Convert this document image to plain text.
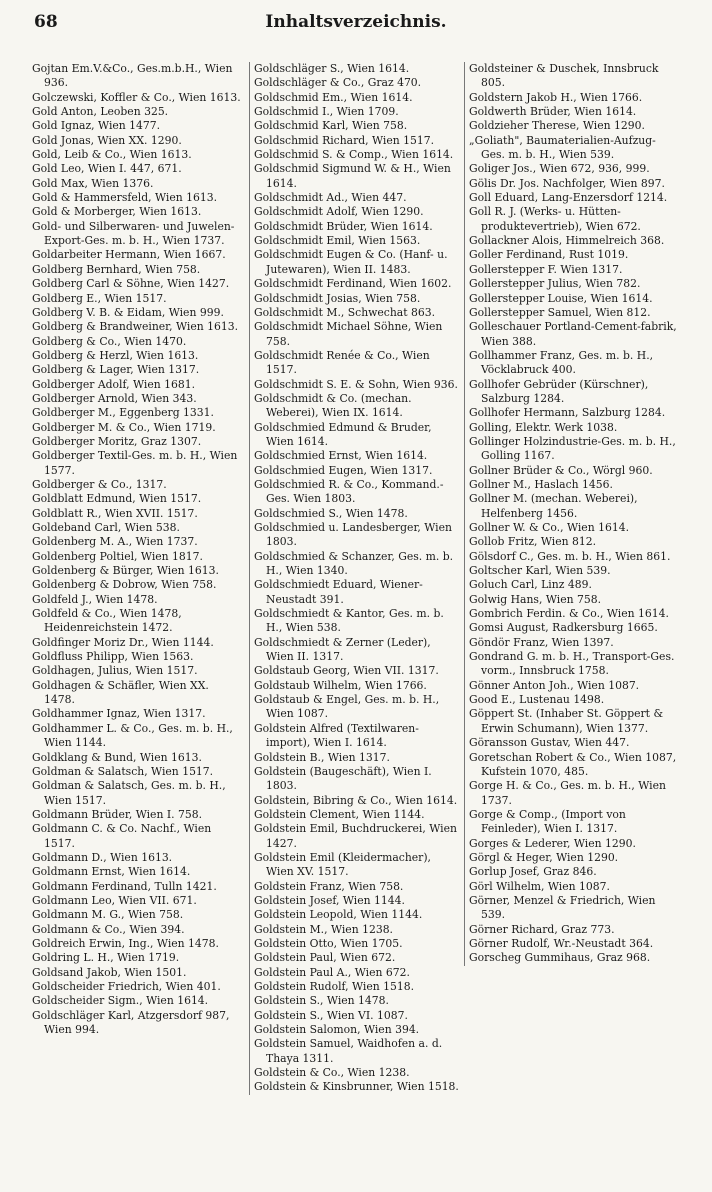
68	Inhaltsverzeichnis.

Gojtan Em.V.&Co., Ges.m.b.H., Wien 936.

Golczewski, Koffler & Co., Wien 1613.

Gold Anton, Leoben 325.

Gold Ignaz, Wien 1477.

Gold Jonas, Wien XX. 1290.

Gold, Leib & Co., Wien 1613.

Gold Leo, Wien I. 447, 671.

Gold Max, Wien 1376.

Gold & Hammersfeld, Wien 1613.

Gold & Morberger, Wien 1613.

Gold- und Silberwaren- und Juwelen-Export-Ges. m. b. H., Wien 1737.

Goldarbeiter Hermann, Wien 1667.

Goldberg Bernhard, Wien 758.

Goldberg Carl & Söhne, Wien 1427.

Goldberg E., Wien 1517.

Goldberg V. B. & Eidam, Wien 999.

Goldberg & Brandweiner, Wien 1613.

Goldberg & Co., Wien 1470.

Goldberg & Herzl, Wien 1613.

Goldberg & Lager, Wien 1317.

Goldberger Adolf, Wien 1681.

Goldberger Arnold, Wien 343.

Goldberger M., Eggenberg 1331.

Goldberger M. & Co., Wien 1719.

Goldberger Moritz, Graz 1307.

Goldberger Textil-Ges. m. b. H., Wien 1577.

Goldberger & Co., 1317.

Goldblatt Edmund, Wien 1517.

Goldblatt R., Wien XVII. 1517.

Goldeband Carl, Wien 538.

Goldenberg M. A., Wien 1737.

Goldenberg Poltiel, Wien 1817.

Goldenberg & Bürger, Wien 1613.

Goldenberg & Dobrow, Wien 758.

Goldfeld J., Wien 1478.

Goldfeld & Co., Wien 1478, Heidenreichstein 1472.

Goldfinger Moriz Dr., Wien 1144.

Goldfluss Philipp, Wien 1563.

Goldhagen, Julius, Wien 1517.

Goldhagen & Schäfler, Wien XX. 1478.

Goldhammer Ignaz, Wien 1317.

Goldhammer L. & Co., Ges. m. b. H., Wien 1144.

Goldklang & Bund, Wien 1613.

Goldman & Salatsch, Wien 1517.

Goldman & Salatsch, Ges. m. b. H., Wien 1517.

Goldmann Brüder, Wien I. 758.

Goldmann C. & Co. Nachf., Wien 1517.

Goldmann D., Wien 1613.

Goldmann Ernst, Wien 1614.

Goldmann Ferdinand, Tulln 1421.

Goldmann Leo, Wien VII. 671.

Goldmann M. G., Wien 758.

Goldmann & Co., Wien 394.

Goldreich Erwin, Ing., Wien 1478.

Goldring L. H., Wien 1719.

Goldsand Jakob, Wien 1501.

Goldscheider Friedrich, Wien 401.

Goldscheider Sigm., Wien 1614.

Goldschläger Karl, Atzgersdorf 987, Wien 994.

Goldschläger S., Wien 1614.

Goldschläger & Co., Graz 470.

Goldschmid Em., Wien 1614.

Goldschmid I., Wien 1709.

Goldschmid Karl, Wien 758.

Goldschmid Richard, Wien 1517.

Goldschmid S. & Comp., Wien 1614.

Goldschmid Sigmund W. & H., Wien 1614.

Goldschmidt Ad., Wien 447.

Goldschmidt Adolf, Wien 1290.

Goldschmidt Brüder, Wien 1614.

Goldschmidt Emil, Wien 1563.

Goldschmidt Eugen & Co. (Hanf- u. Jutewaren), Wien II. 1483.

Goldschmidt Ferdinand, Wien 1602.

Goldschmidt Josias, Wien 758.

Goldschmidt M., Schwechat 863.

Goldschmidt Michael Söhne, Wien 758.

Goldschmidt Renée & Co., Wien 1517.

Goldschmidt S. E. & Sohn, Wien 936.

Goldschmidt & Co. (mechan. Weberei), Wien IX. 1614.

Goldschmied Edmund & Bruder, Wien 1614.

Goldschmied Ernst, Wien 1614.

Goldschmied Eugen, Wien 1317.

Goldschmied R. & Co., Kommand.-Ges. Wien 1803.

Goldschmied S., Wien 1478.

Goldschmied u. Landesberger, Wien 1803.

Goldschmied & Schanzer, Ges. m. b. H., Wien 1340.

Goldschmiedt Eduard, Wiener-Neustadt 391.

Goldschmiedt & Kantor, Ges. m. b. H., Wien 538.

Goldschmiedt & Zerner (Leder), Wien II. 1317.

Goldstaub Georg, Wien VII. 1317.

Goldstaub Wilhelm, Wien 1766.

Goldstaub & Engel, Ges. m. b. H., Wien 1087.

Goldstein Alfred (Textilwaren-import), Wien I. 1614.

Goldstein B., Wien 1317.

Goldstein (Baugeschäft), Wien I. 1803.

Goldstein, Bibring & Co., Wien 1614.

Goldstein Clement, Wien 1144.

Goldstein Emil, Buchdruckerei, Wien 1427.

Goldstein Emil (Kleidermacher), Wien XV. 1517.

Goldstein Franz, Wien 758.

Goldstein Josef, Wien 1144.

Goldstein Leopold, Wien 1144.

Goldstein M., Wien 1238.

Goldstein Otto, Wien 1705.

Goldstein Paul, Wien 672.

Goldstein Paul A., Wien 672.

Goldstein Rudolf, Wien 1518.

Goldstein S., Wien 1478.

Goldstein S., Wien VI. 1087.

Goldstein Salomon, Wien 394.

Goldstein Samuel, Waidhofen a. d. Thaya 1311.

Goldstein & Co., Wien 1238.

Goldstein & Kinsbrunner, Wien 1518.

Goldsteiner & Duschek, Innsbruck 805.

Goldstern Jakob H., Wien 1766.

Goldwerth Brüder, Wien 1614.

Goldzieher Therese, Wien 1290.

„Goliath", Baumaterialien-Aufzug-Ges. m. b. H., Wien 539.

Goliger Jos., Wien 672, 936, 999.

Gölis Dr. Jos. Nachfolger, Wien 897.

Goll Eduard, Lang-Enzersdorf 1214.

Goll R. J. (Werks- u. Hütten-produktevertrieb), Wien 672.

Gollackner Alois, Himmelreich 368.

Goller Ferdinand, Rust 1019.

Gollerstepper F. Wien 1317.

Gollerstepper Julius, Wien 782.

Gollerstepper Louise, Wien 1614.

Gollerstepper Samuel, Wien 812.

Golleschauer Portland-Cement-fabrik, Wien 388.

Gollhammer Franz, Ges. m. b. H., Vöcklabruck 400.

Gollhofer Gebrüder (Kürschner), Salzburg 1284.

Gollhofer Hermann, Salzburg 1284.

Golling, Elektr. Werk 1038.

Gollinger Holzindustrie-Ges. m. b. H., Golling 1167.

Gollner Brüder & Co., Wörgl 960.

Gollner M., Haslach 1456.

Gollner M. (mechan. Weberei), Helfenberg 1456.

Gollner W. & Co., Wien 1614.

Gollob Fritz, Wien 812.

Gölsdorf C., Ges. m. b. H., Wien 861.

Goltscher Karl, Wien 539.

Goluch Carl, Linz 489.

Golwig Hans, Wien 758.

Gombrich Ferdin. & Co., Wien 1614.

Gomsi August, Radkersburg 1665.

Göndör Franz, Wien 1397.

Gondrand G. m. b. H., Transport-Ges. vorm., Innsbruck 1758.

Gönner Anton Joh., Wien 1087.

Good E., Lustenau 1498.

Göppert St. (Inhaber St. Göppert & Erwin Schumann), Wien 1377.

Göransson Gustav, Wien 447.

Goretschan Robert & Co., Wien 1087, Kufstein 1070, 485.

Gorge H. & Co., Ges. m. b. H., Wien 1737.

Gorge & Comp., (Import von Feinleder), Wien I. 1317.

Gorges & Lederer, Wien 1290.

Görgl & Heger, Wien 1290.

Gorlup Josef, Graz 846.

Görl Wilhelm, Wien 1087.

Görner, Menzel & Friedrich, Wien 539.

Görner Richard, Graz 773.

Görner Rudolf, Wr.-Neustadt 364.

Gorscheg Gummihaus, Graz 968.
